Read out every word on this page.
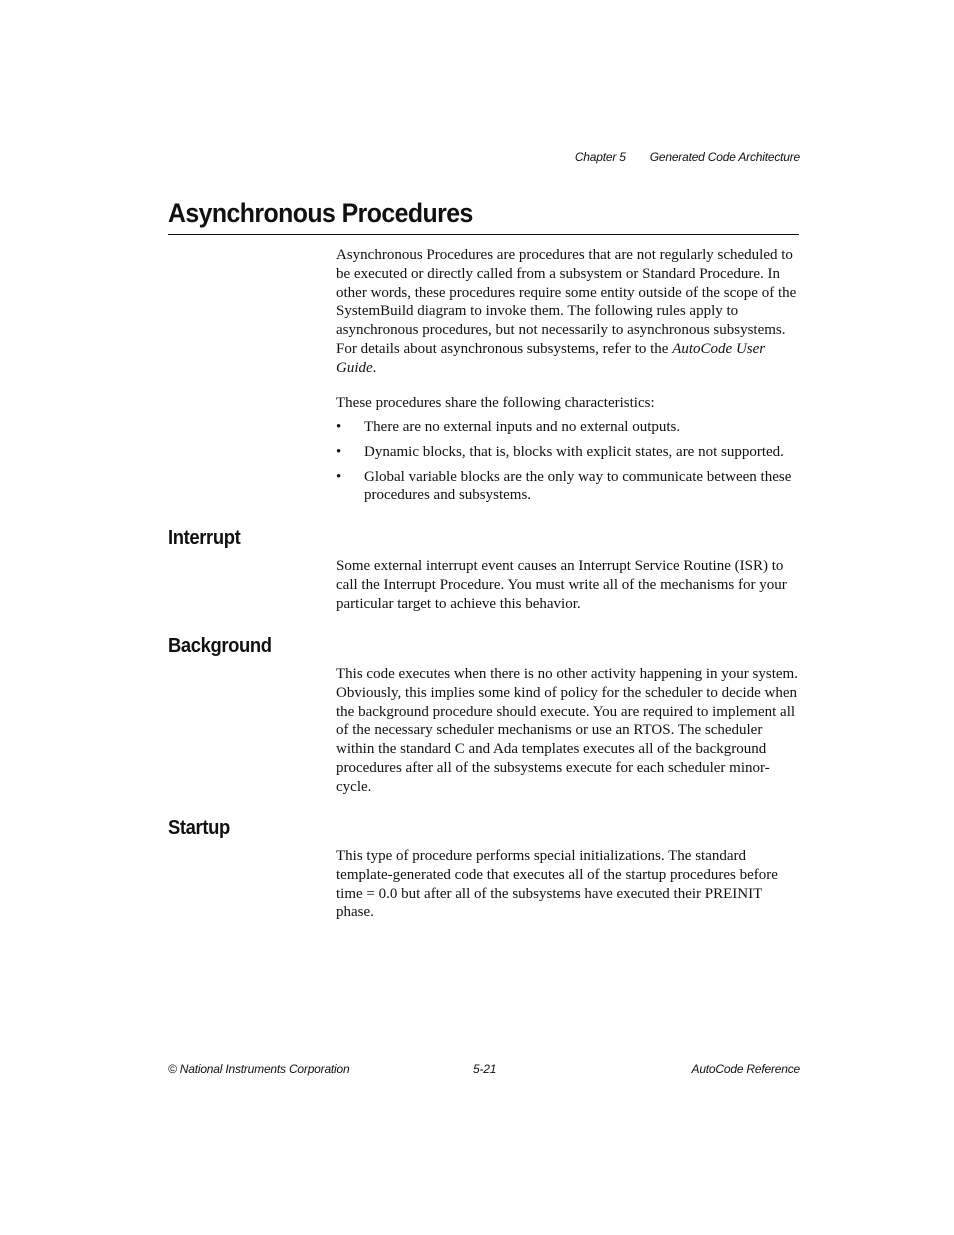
Chapter 5 Generated Code Architecture
Asynchronous Procedures

Asynchronous Procedures are procedures that are not regularly scheduled to be executed or directly called from a subsystem or Standard Procedure. In other words, these procedures require some entity outside of the scope of the SystemBuild diagram to invoke them. The following rules apply to asynchronous procedures, but not necessarily to asynchronous subsystems. For details about asynchronous subsystems, refer to the AutoCode User Guide.

These procedures share the following characteristics:

• There are no external inputs and no external outputs.
• Dynamic blocks, that is, blocks with explicit states, are not supported.
• Global variable blocks are the only way to communicate between these procedures and subsystems.
Interrupt

Some external interrupt event causes an Interrupt Service Routine (ISR) to call the Interrupt Procedure. You must write all of the mechanisms for your particular target to achieve this behavior.

Background

This code executes when there is no other activity happening in your system. Obviously, this implies some kind of policy for the scheduler to decide when the background procedure should execute. You are required to implement all of the necessary scheduler mechanisms or use an RTOS. The scheduler within the standard C and Ada templates executes all of the background procedures after all of the subsystems execute for each scheduler minor-cycle.

Startup

This type of procedure performs special initializations. The standard template-generated code that executes all of the startup procedures before time = 0.0 but after all of the subsystems have executed their PREINIT phase.

© National Instruments Corporation	5-21	AutoCode Reference
